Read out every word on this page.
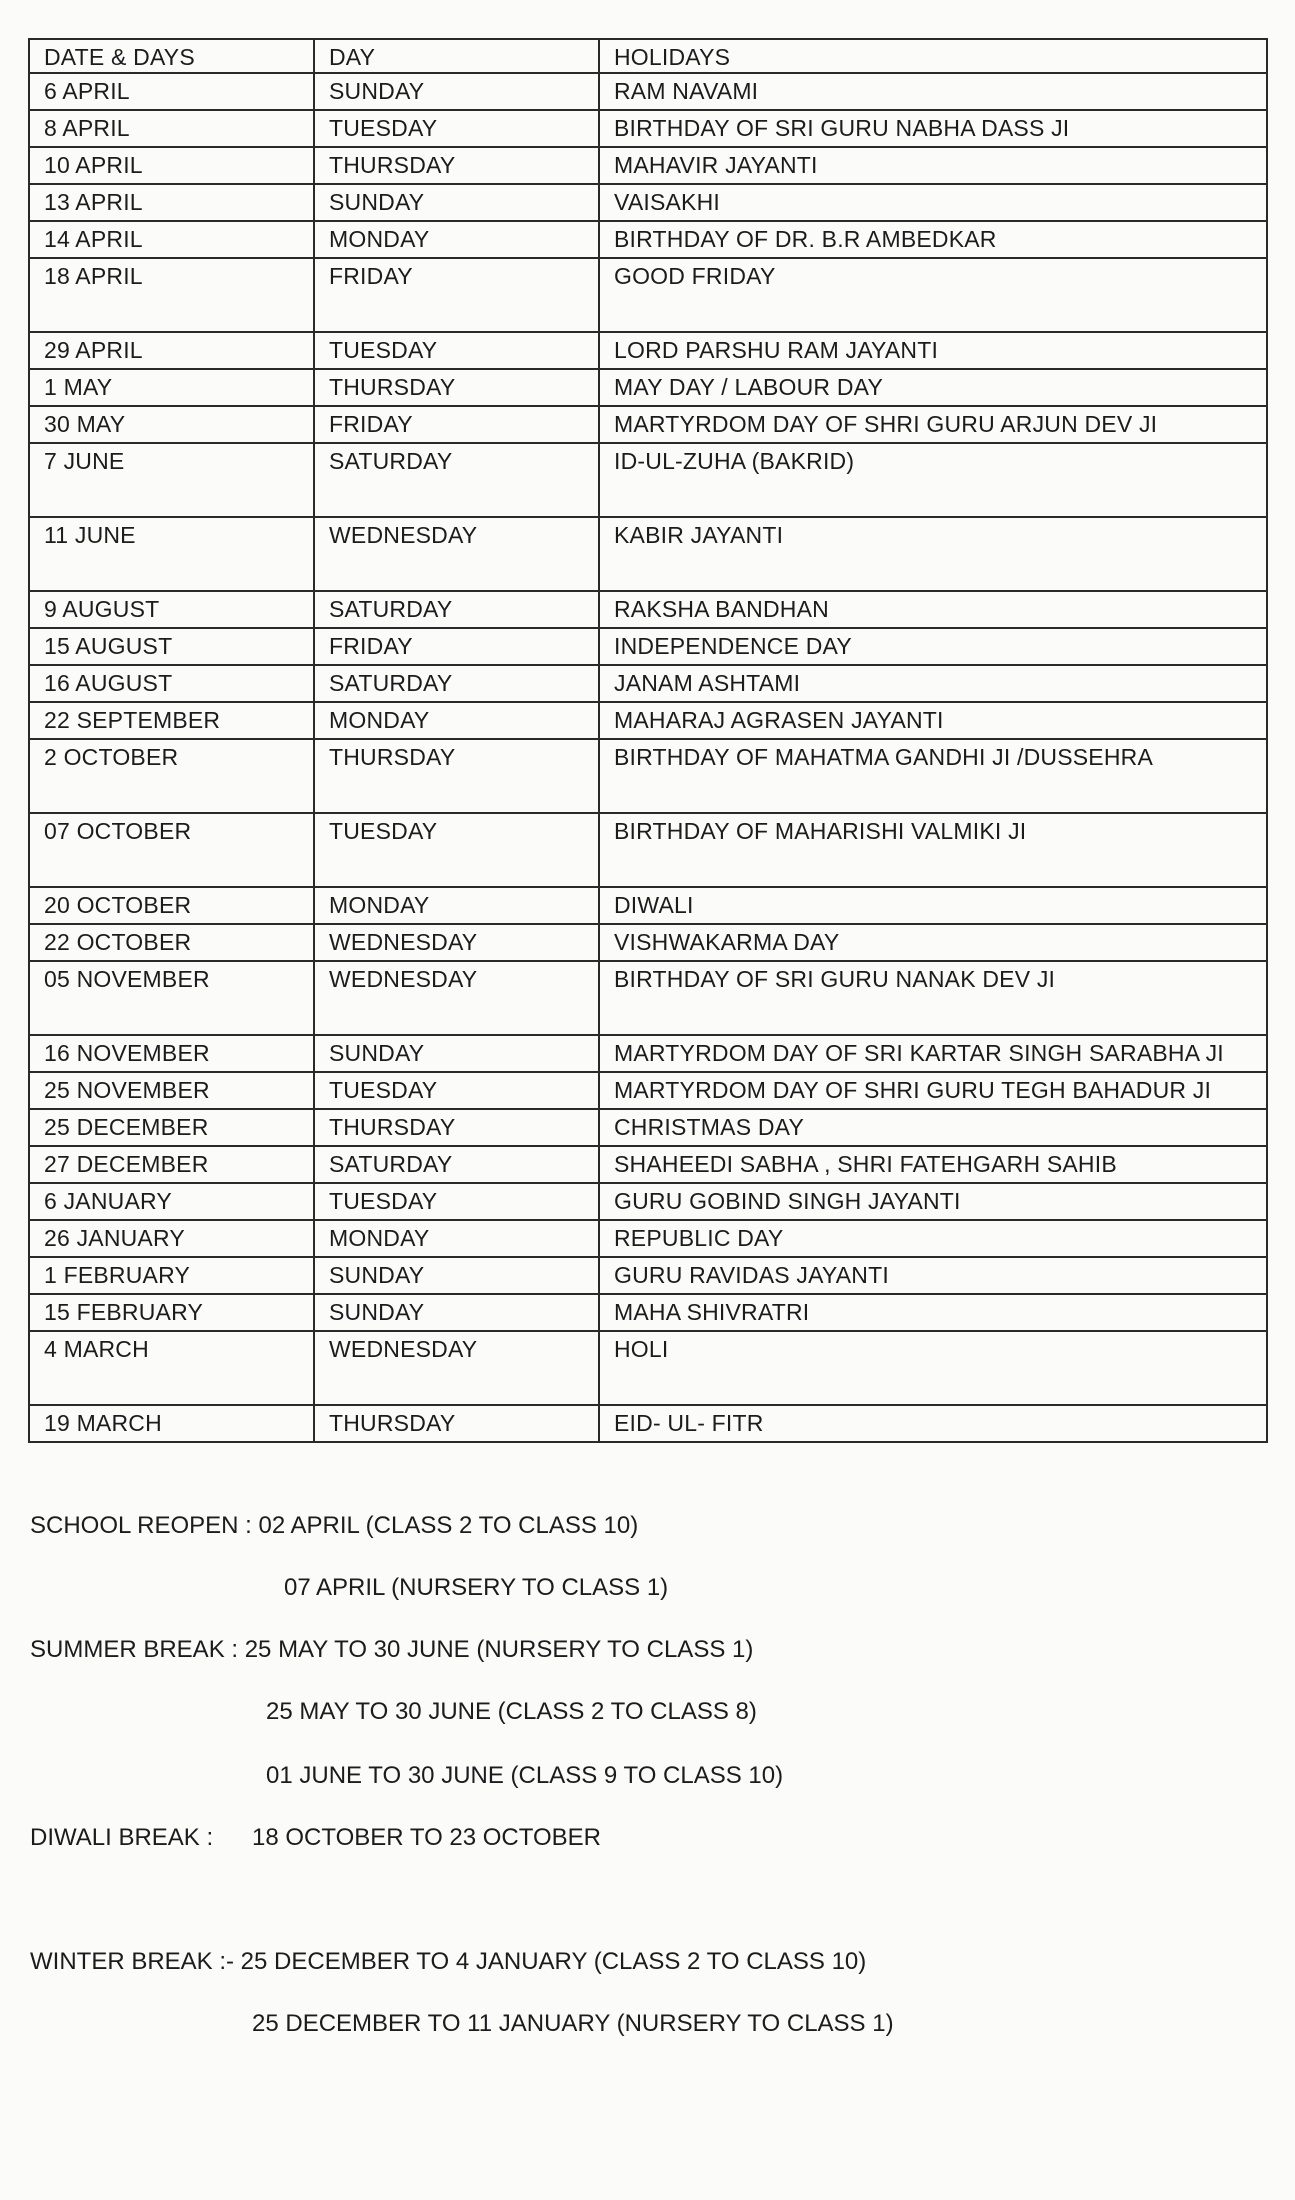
DATE & DAYS	DAY	HOLIDAYS
6 APRIL	SUNDAY	RAM NAVAMI
8 APRIL	TUESDAY	BIRTHDAY OF SRI GURU NABHA DASS JI
10 APRIL	THURSDAY	MAHAVIR JAYANTI
13 APRIL	SUNDAY	VAISAKHI
14 APRIL	MONDAY	BIRTHDAY OF DR. B.R AMBEDKAR
18 APRIL	FRIDAY	GOOD FRIDAY
29 APRIL	TUESDAY	LORD PARSHU RAM JAYANTI
1 MAY	THURSDAY	MAY DAY / LABOUR DAY
30 MAY	FRIDAY	MARTYRDOM DAY OF SHRI GURU ARJUN DEV JI
7 JUNE	SATURDAY	ID-UL-ZUHA (BAKRID)
11 JUNE	WEDNESDAY	KABIR JAYANTI
9 AUGUST	SATURDAY	RAKSHA BANDHAN
15 AUGUST	FRIDAY	INDEPENDENCE DAY
16 AUGUST	SATURDAY	JANAM ASHTAMI
22 SEPTEMBER	MONDAY	MAHARAJ AGRASEN JAYANTI
2 OCTOBER	THURSDAY	BIRTHDAY OF MAHATMA GANDHI JI /DUSSEHRA
07 OCTOBER	TUESDAY	BIRTHDAY OF MAHARISHI VALMIKI JI
20 OCTOBER	MONDAY	DIWALI
22 OCTOBER	WEDNESDAY	VISHWAKARMA DAY
05 NOVEMBER	WEDNESDAY	BIRTHDAY OF SRI GURU NANAK DEV JI
16 NOVEMBER	SUNDAY	MARTYRDOM DAY OF SRI KARTAR SINGH SARABHA JI
25 NOVEMBER	TUESDAY	MARTYRDOM DAY OF SHRI GURU TEGH BAHADUR JI
25 DECEMBER	THURSDAY	CHRISTMAS DAY
27 DECEMBER	SATURDAY	SHAHEEDI SABHA , SHRI FATEHGARH SAHIB
6 JANUARY	TUESDAY	GURU GOBIND SINGH JAYANTI
26 JANUARY	MONDAY	REPUBLIC DAY
1 FEBRUARY	SUNDAY	GURU RAVIDAS JAYANTI
15 FEBRUARY	SUNDAY	MAHA SHIVRATRI
4 MARCH	WEDNESDAY	HOLI
19 MARCH	THURSDAY	EID- UL- FITR
SCHOOL REOPEN : 02 APRIL (CLASS 2 TO CLASS 10)
07 APRIL (NURSERY TO CLASS 1)
SUMMER BREAK : 25 MAY TO 30 JUNE (NURSERY TO CLASS 1)
25 MAY TO 30 JUNE (CLASS 2 TO CLASS 8)
01 JUNE TO 30 JUNE (CLASS 9 TO CLASS 10)
DIWALI BREAK : 18 OCTOBER TO 23 OCTOBER
WINTER BREAK :- 25 DECEMBER TO 4 JANUARY (CLASS 2 TO CLASS 10)
25 DECEMBER TO 11 JANUARY (NURSERY TO CLASS 1)
